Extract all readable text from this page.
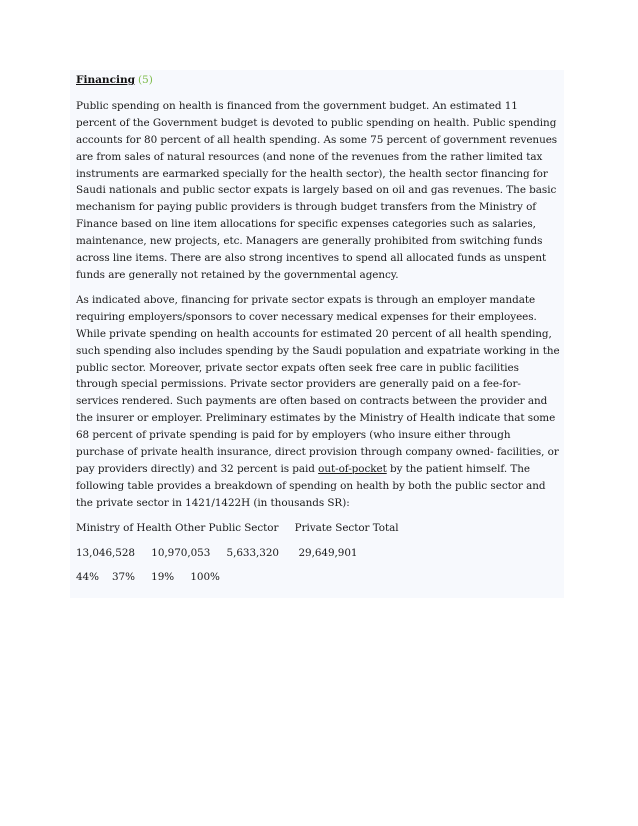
Financing (5)

Public spending on health is financed from the government budget. An estimated 11 percent of the Government budget is devoted to public spending on health. Public spending accounts for 80 percent of all health spending. As some 75 percent of government revenues are from sales of natural resources (and none of the revenues from the rather limited tax instruments are earmarked specially for the health sector), the health sector financing for Saudi nationals and public sector expats is largely based on oil and gas revenues. The basic mechanism for paying public providers is through budget transfers from the Ministry of Finance based on line item allocations for specific expenses categories such as salaries, maintenance, new projects, etc. Managers are generally prohibited from switching funds across line items. There are also strong incentives to spend all allocated funds as unspent funds are generally not retained by the governmental agency.

As indicated above, financing for private sector expats is through an employer mandate requiring employers/sponsors to cover necessary medical expenses for their employees. While private spending on health accounts for estimated 20 percent of all health spending, such spending also includes spending by the Saudi population and expatriate working in the public sector. Moreover, private sector expats often seek free care in public facilities through special permissions. Private sector providers are generally paid on a fee-for-services rendered. Such payments are often based on contracts between the provider and the insurer or employer. Preliminary estimates by the Ministry of Health indicate that some 68 percent of private spending is paid for by employers (who insure either through purchase of private health insurance, direct provision through company owned- facilities, or pay providers directly) and 32 percent is paid out-of-pocket by the patient himself. The following table provides a breakdown of spending on health by both the public sector and the private sector in 1421/1422H (in thousands SR):

Ministry of Health Other Public Sector     Private Sector Total
13,046,528     10,970,053     5,633,320      29,649,901
44%    37%     19%     100%
